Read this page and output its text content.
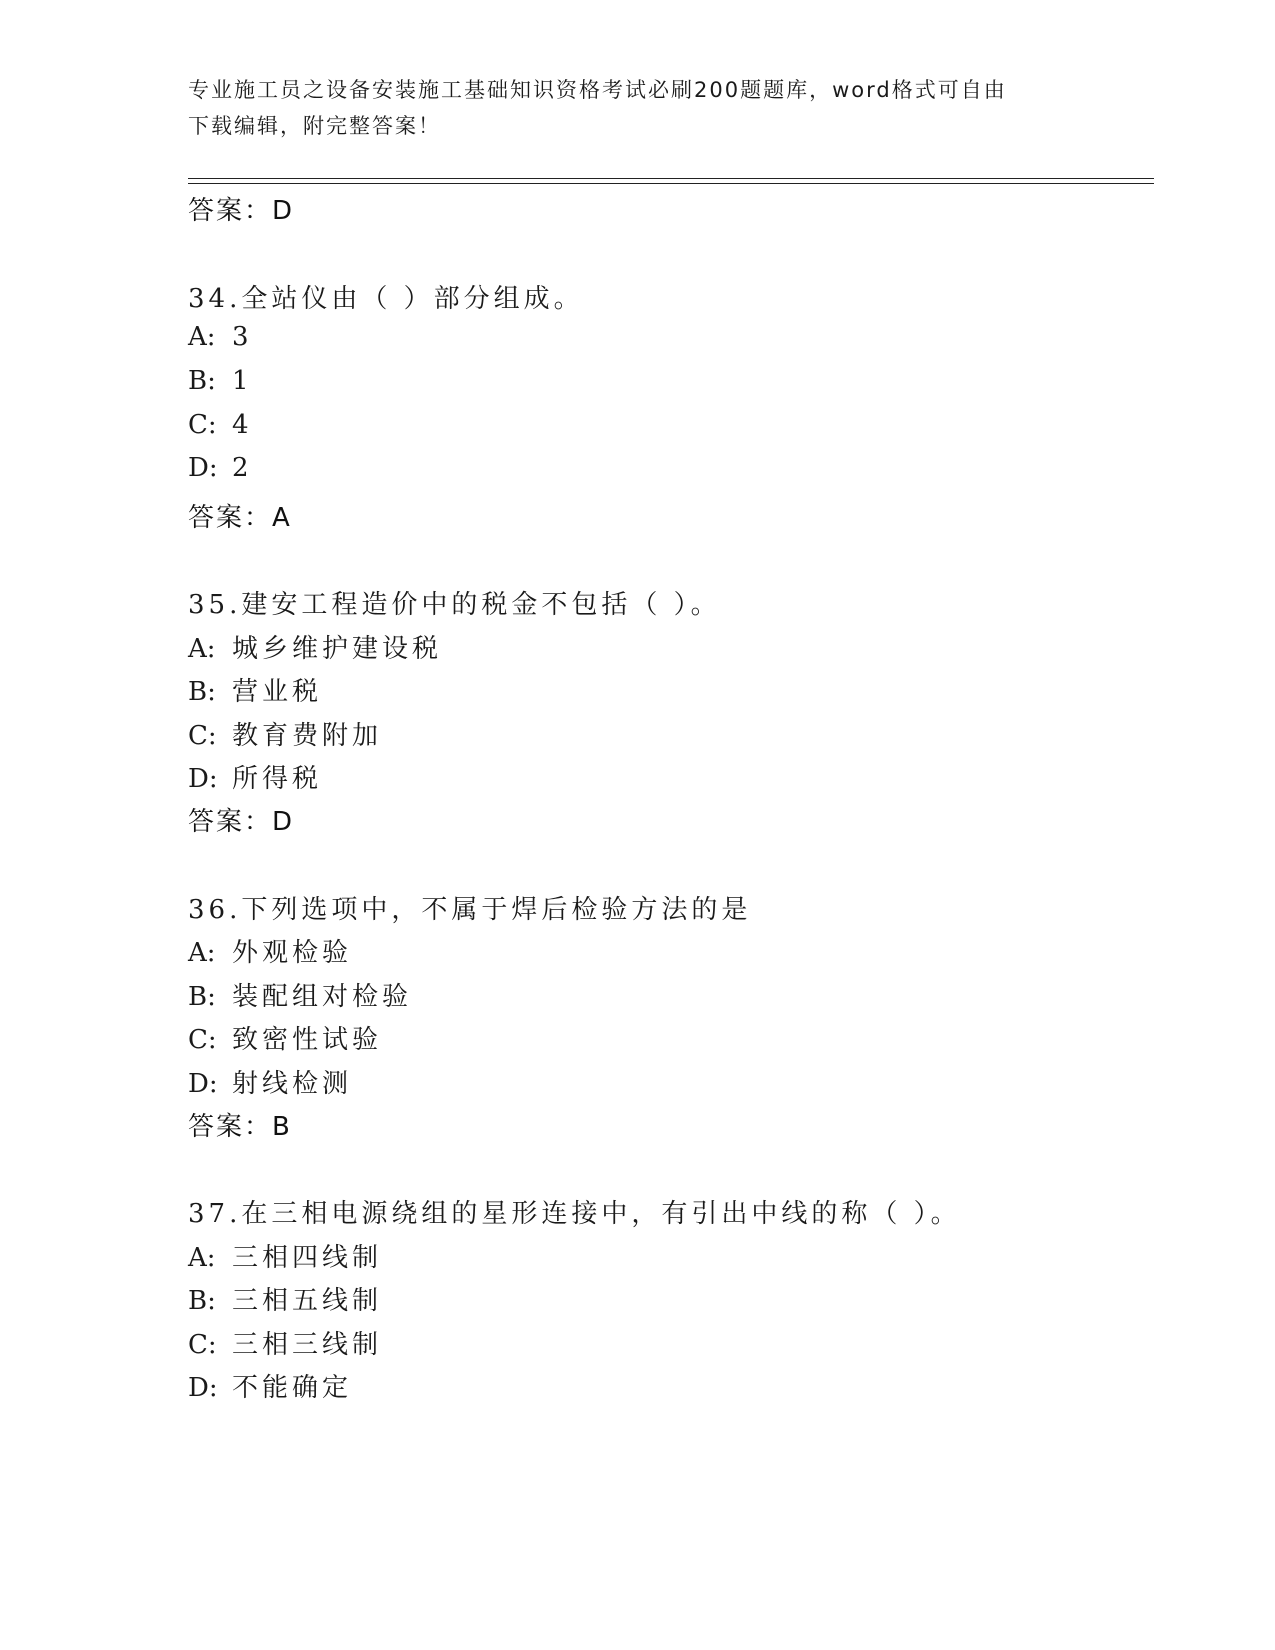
专业施工员之设备安装施工基础知识资格考试必刷200题题库，word格式可自由
下载编辑，附完整答案！
答案：D
34.全站仪由（ ）部分组成。
A: 3
B: 1
C: 4
D: 2
答案：A
35.建安工程造价中的税金不包括（ ）。
A: 城乡维护建设税
B: 营业税
C: 教育费附加
D: 所得税
答案：D
36.下列选项中，不属于焊后检验方法的是
A: 外观检验
B: 装配组对检验
C: 致密性试验
D: 射线检测
答案：B
37.在三相电源绕组的星形连接中，有引出中线的称（ ）。
A: 三相四线制
B: 三相五线制
C: 三相三线制
D: 不能确定
